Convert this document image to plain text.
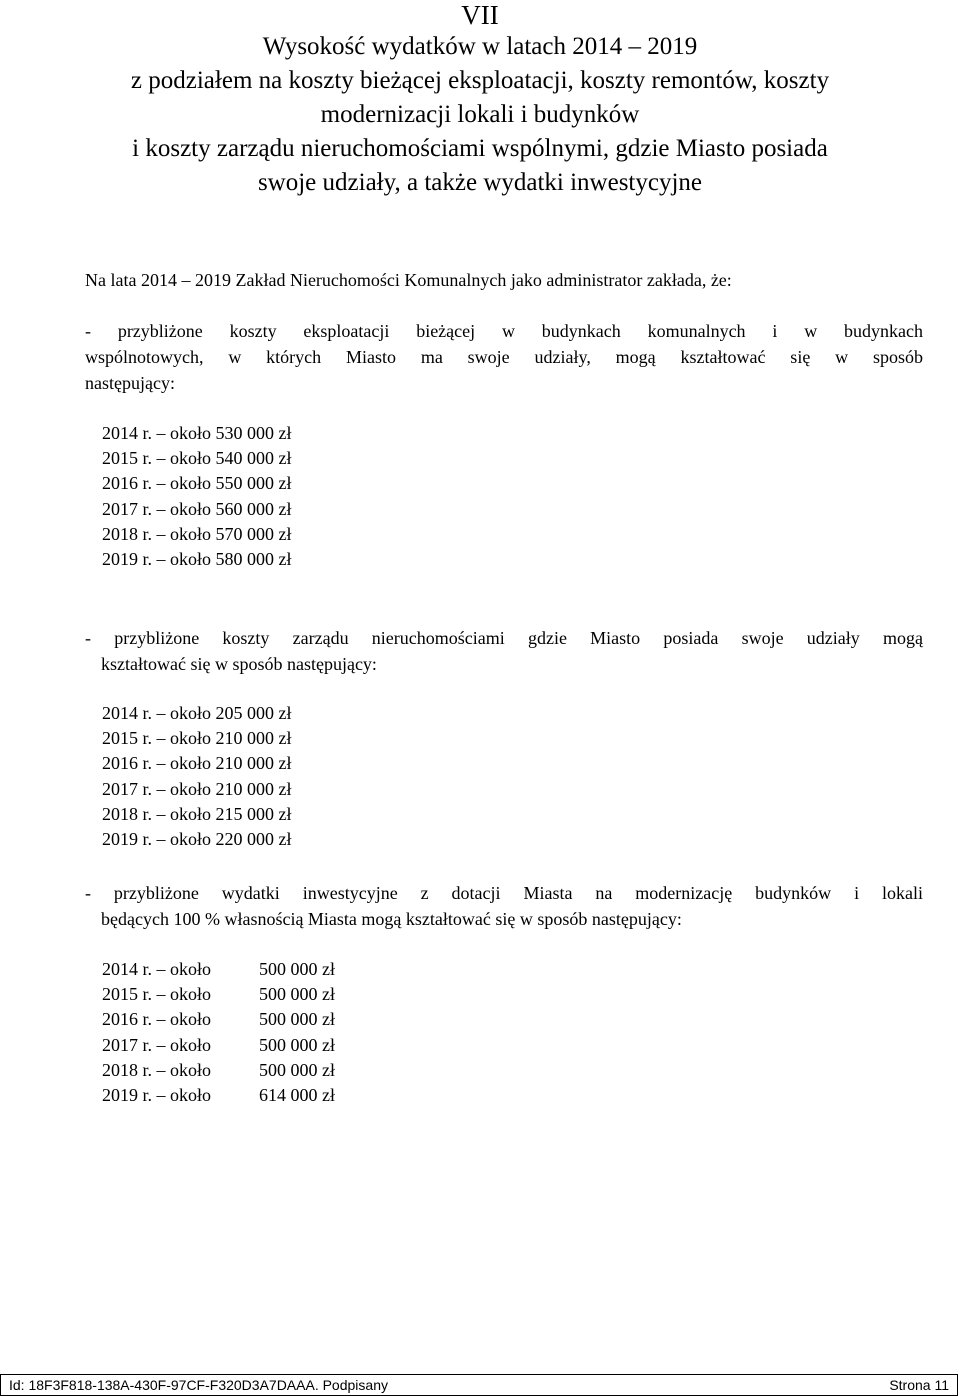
VII
Wysokość wydatków w latach 2014 – 2019
z podziałem na koszty bieżącej eksploatacji, koszty remontów, koszty
modernizacji lokali i budynków
i koszty zarządu nieruchomościami wspólnymi, gdzie Miasto posiada
swoje udziały, a także wydatki inwestycyjne
Na lata 2014 – 2019 Zakład Nieruchomości Komunalnych jako administrator zakłada, że:
- przybliżone koszty eksploatacji bieżącej w budynkach komunalnych i w budynkach
wspólnotowych, w których Miasto ma swoje udziały, mogą kształtować się w sposób
następujący:
2014 r. – około 530 000 zł
2015 r. – około 540 000 zł
2016 r. – około 550 000 zł
2017 r. – około 560 000 zł
2018 r. – około 570 000 zł
2019 r. – około 580 000 zł
- przybliżone koszty zarządu nieruchomościami gdzie Miasto posiada swoje udziały mogą
kształtować się w sposób następujący:
2014 r. – około 205 000 zł
2015 r. – około 210 000 zł
2016 r. – około 210 000 zł
2017 r. – około 210 000 zł
2018 r. – około 215 000 zł
2019 r. – około 220 000 zł
- przybliżone wydatki inwestycyjne z dotacji Miasta na modernizację budynków i lokali
będących 100 % własnością Miasta mogą kształtować się w sposób następujący:
2014 r. – około	500 000 zł
2015 r. – około	500 000 zł
2016 r. – około	500 000 zł
2017 r. – około	500 000 zł
2018 r. – około	500 000 zł
2019 r. – około	614 000 zł
Id: 18F3F818-138A-430F-97CF-F320D3A7DAAA. Podpisany	Strona 11
